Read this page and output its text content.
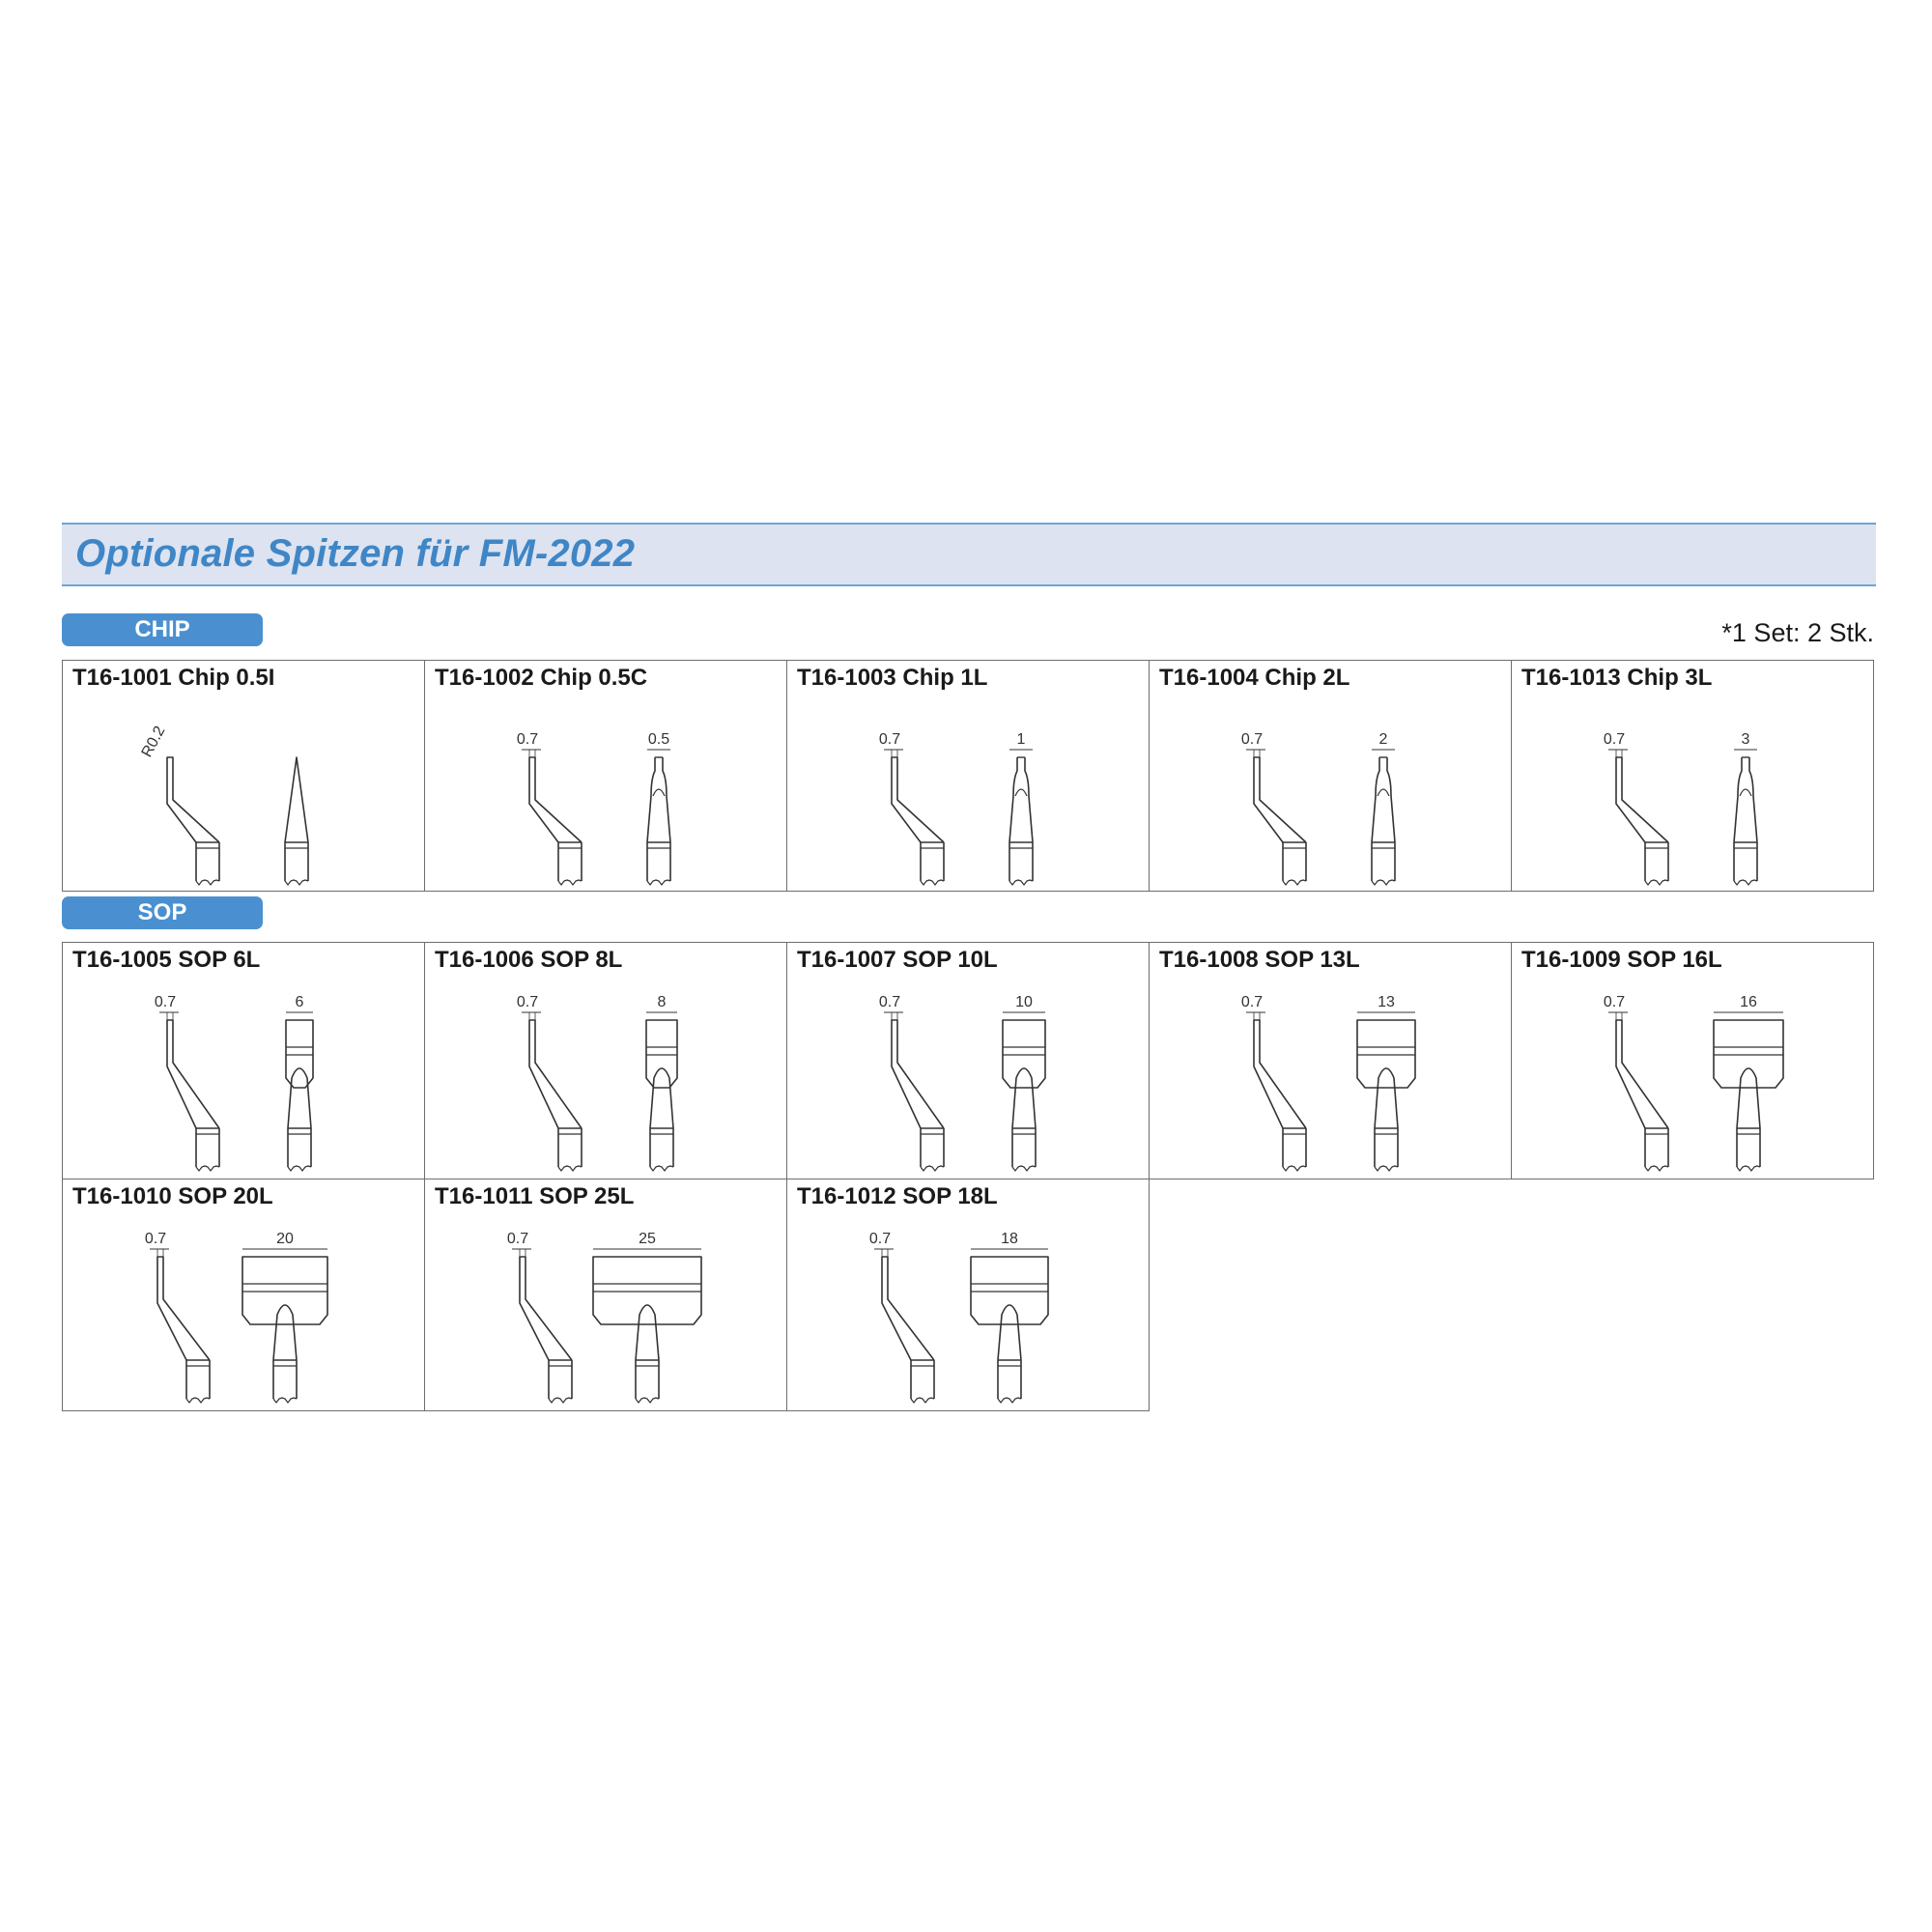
Optionale Spitzen für FM-2022
CHIP	*1 Set: 2 Stk.
SOP
T16-1001 Chip 0.5I
R0.2
T16-1002 Chip 0.5C
0.7	0.5
T16-1003 Chip 1L
0.7	1
T16-1004 Chip 2L
0.7	2
T16-1013 Chip 3L
0.7	3
T16-1005 SOP 6L
0.7	6
T16-1006 SOP 8L
0.7	8
T16-1007 SOP 10L
0.7	10
T16-1008 SOP 13L
0.7	13
T16-1009 SOP 16L
0.7	16
T16-1010 SOP 20L
0.7	20
T16-1011 SOP 25L
0.7	25
T16-1012 SOP 18L
0.7	18
